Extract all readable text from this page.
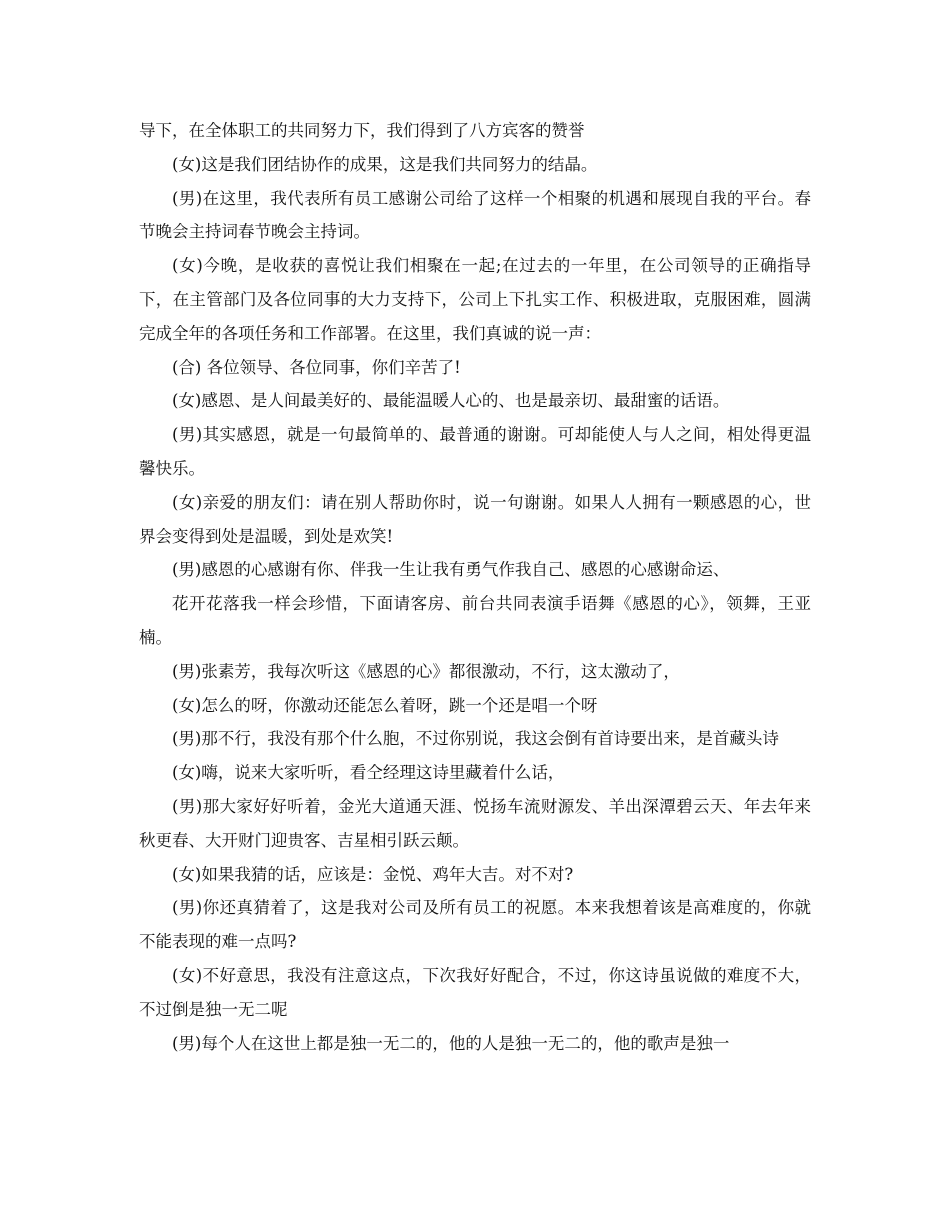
导下，在全体职工的共同努力下，我们得到了八方宾客的赞誉

(女)这是我们团结协作的成果，这是我们共同努力的结晶。

(男)在这里，我代表所有员工感谢公司给了这样一个相聚的机遇和展现自我的平台。春节晚会主持词春节晚会主持词。

(女)今晚，是收获的喜悦让我们相聚在一起;在过去的一年里，在公司领导的正确指导下，在主管部门及各位同事的大力支持下，公司上下扎实工作、积极进取，克服困难，圆满完成全年的各项任务和工作部署。在这里，我们真诚的说一声：

(合) 各位领导、各位同事，你们辛苦了!

(女)感恩、是人间最美好的、最能温暖人心的、也是最亲切、最甜蜜的话语。

(男)其实感恩，就是一句最简单的、最普通的谢谢。可却能使人与人之间，相处得更温馨快乐。

(女)亲爱的朋友们：请在别人帮助你时，说一句谢谢。如果人人拥有一颗感恩的心，世界会变得到处是温暖，到处是欢笑!

(男)感恩的心感谢有你、伴我一生让我有勇气作我自己、感恩的心感谢命运、

花开花落我一样会珍惜，下面请客房、前台共同表演手语舞《感恩的心》，领舞，王亚楠。

(男)张素芳，我每次听这《感恩的心》都很激动，不行，这太激动了，

(女)怎么的呀，你激动还能怎么着呀，跳一个还是唱一个呀

(男)那不行，我没有那个什么胞，不过你别说，我这会倒有首诗要出来，是首藏头诗

(女)嗨，说来大家听听，看仝经理这诗里藏着什么话，

(男)那大家好好听着，金光大道通天涯、悦扬车流财源发、羊出深潭碧云天、年去年来秋更春、大开财门迎贵客、吉星相引跃云颠。

(女)如果我猜的话，应该是：金悦、鸡年大吉。对不对?

(男)你还真猜着了，这是我对公司及所有员工的祝愿。本来我想着该是高难度的，你就不能表现的难一点吗?

(女)不好意思，我没有注意这点，下次我好好配合，不过，你这诗虽说做的难度不大，不过倒是独一无二呢

(男)每个人在这世上都是独一无二的，他的人是独一无二的，他的歌声是独一
